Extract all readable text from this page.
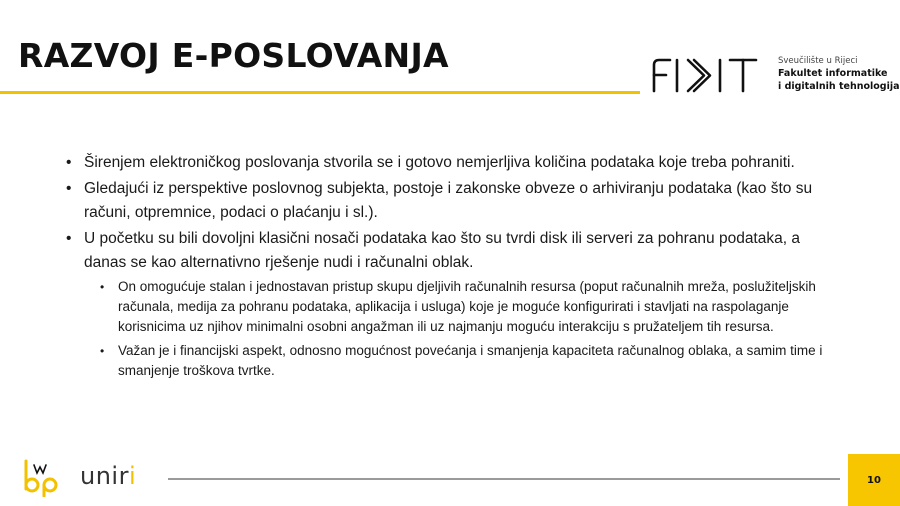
RAZVOJ E-POSLOVANJA	Sveučilište u Rijeci
Fakultet informatike
i digitalnih tehnologija
• Širenjem elektroničkog poslovanja stvorila se i gotovo nemjerljiva količina podataka koje treba pohraniti.
• Gledajući iz perspektive poslovnog subjekta, postoje i zakonske obveze o arhiviranju podataka (kao što su računi, otpremnice, podaci o plaćanju i sl.).
• U početku su bili dovoljni klasični nosači podataka kao što su tvrdi disk ili serveri za pohranu podataka, a danas se kao alternativno rješenje nudi i računalni oblak.
• On omogućuje stalan i jednostavan pristup skupu djeljivih računalnih resursa (poput računalnih mreža, poslužiteljskih računala, medija za pohranu podataka, aplikacija i usluga) koje je moguće konfigurirati i stavljati na raspolaganje korisnicima uz njihov minimalni osobni angažman ili uz najmanju moguću interakciju s pružateljem tih resursa.
• Važan je i financijski aspekt, odnosno mogućnost povećanja i smanjenja kapaciteta računalnog oblaka, a samim time i smanjenje troškova tvrtke.
uniri	10
